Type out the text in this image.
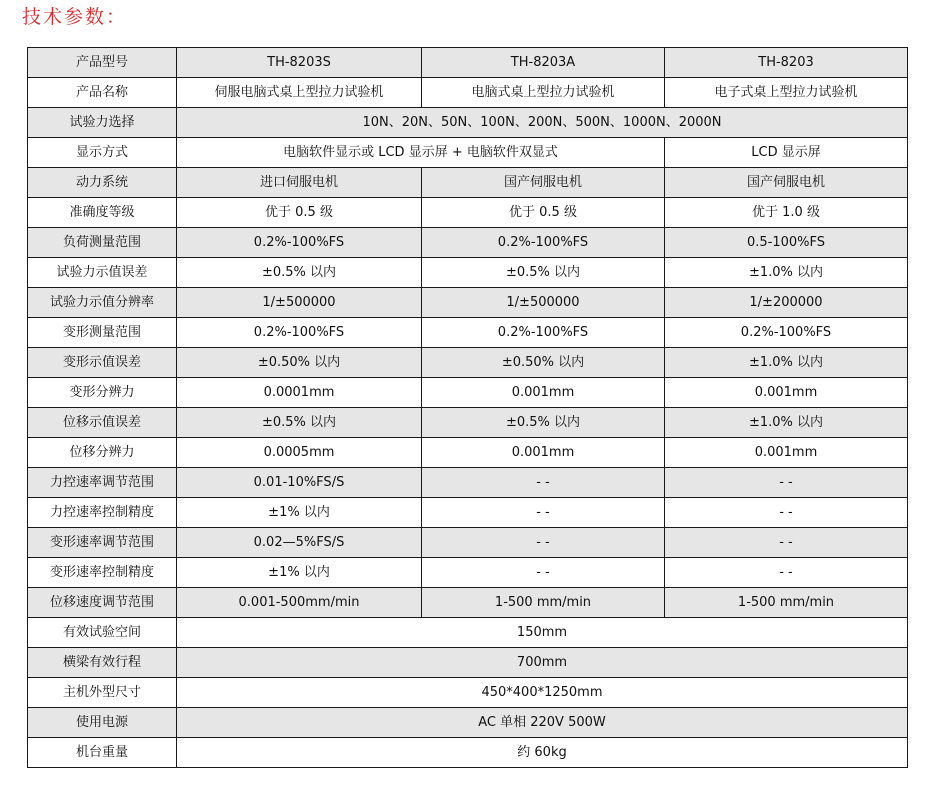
技术参数：
产品型号	TH-8203S	TH-8203A	TH-8203
产品名称	伺服电脑式桌上型拉力试验机	电脑式桌上型拉力试验机	电子式桌上型拉力试验机
试验力选择	10N、20N、50N、100N、200N、500N、1000N、2000N		
显示方式	电脑软件显示或 LCD 显示屏 + 电脑软件双显式		LCD 显示屏
动力系统	进口伺服电机	国产伺服电机	国产伺服电机
准确度等级	优于 0.5 级	优于 0.5 级	优于 1.0 级
负荷测量范围	0.2%-100%FS	0.2%-100%FS	0.5-100%FS
试验力示值误差	±0.5% 以内	±0.5% 以内	±1.0% 以内
试验力示值分辨率	1/±500000	1/±500000	1/±200000
变形测量范围	0.2%-100%FS	0.2%-100%FS	0.2%-100%FS
变形示值误差	±0.50% 以内	±0.50% 以内	±1.0% 以内
变形分辨力	0.0001mm	0.001mm	0.001mm
位移示值误差	±0.5% 以内	±0.5% 以内	±1.0% 以内
位移分辨力	0.0005mm	0.001mm	0.001mm
力控速率调节范围	0.01-10%FS/S	- -	- -
力控速率控制精度	±1% 以内	- -	- -
变形速率调节范围	0.02—5%FS/S	- -	- -
变形速率控制精度	±1% 以内	- -	- -
位移速度调节范围	0.001-500mm/min	1-500 mm/min	1-500 mm/min
有效试验空间	150mm		
横梁有效行程	700mm		
主机外型尺寸	450*400*1250mm		
使用电源	AC 单相 220V 500W		
机台重量	约 60kg		
